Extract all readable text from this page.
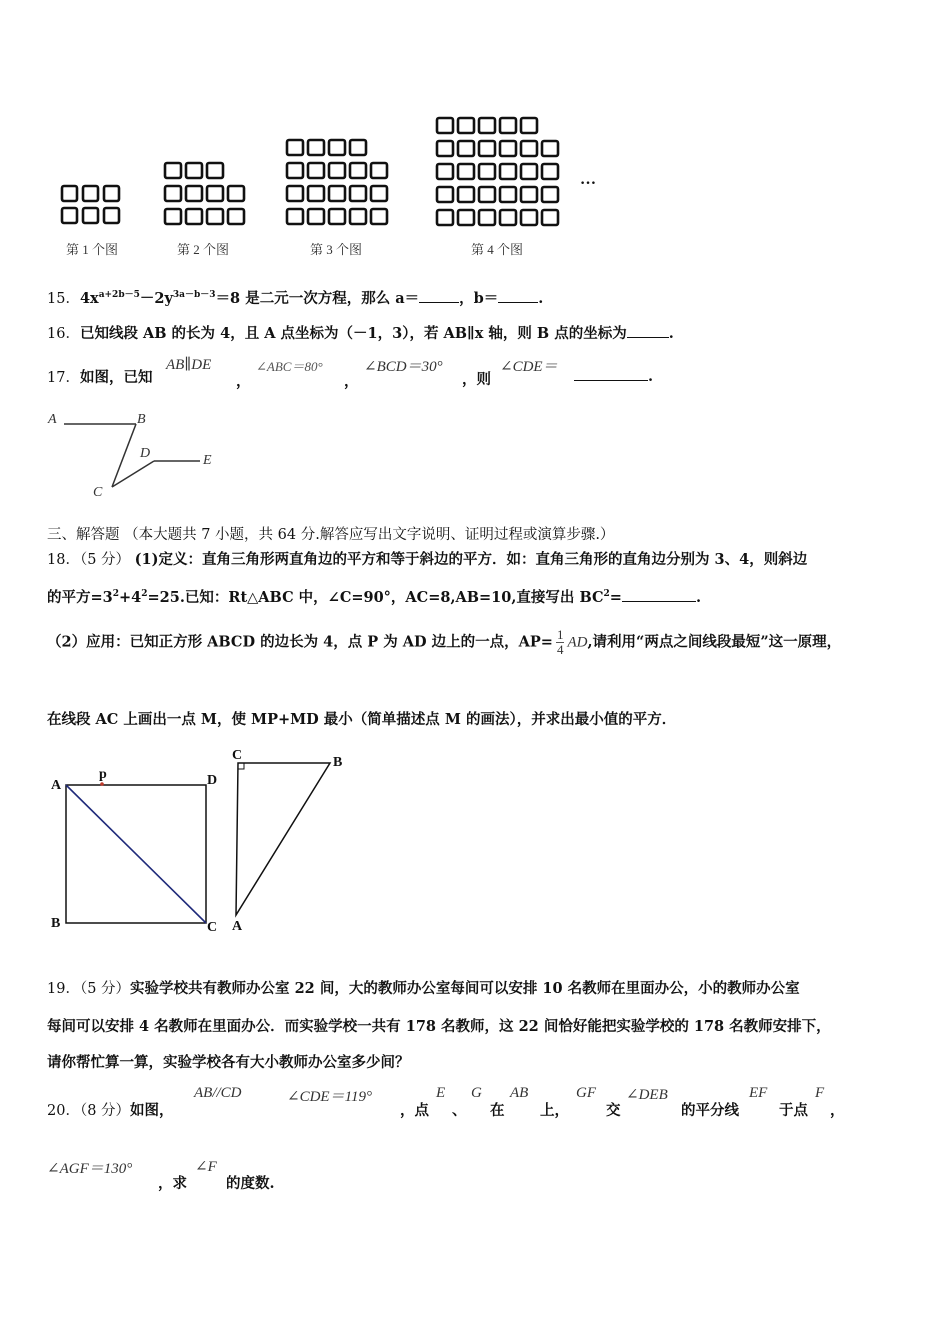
第 1 个图	第 2 个图	第 3 个图	第 4 个图
…
15．$4x^{a+2b-5}-2y^{3a-b-3}=8$ 是二元一次方程，那么 a＝	，b＝	.
16．已知线段 AB 的长为 4，且 A 点坐标为（－1，3），若 AB∥x 轴，则 B 点的坐标为	.
17．如图，已知
AB∥DE
，
∠ABC＝80°
，
∠BCD＝30°
，则
∠CDE＝
.
A	B
D	E
C
三、解答题 （本大题共 7 小题，共 64 分.解答应写出文字说明、证明过程或演算步骤.）
18．（5 分） (1)定义：直角三角形两直角边的平方和等于斜边的平方．如：直角三角形的直角边分别为 3、4，则斜边
的平方$=3^2+4^2=25$.已知：Rt△ABC 中，∠C=90°，AC=8,AB=10,直接写出 $BC^2=$	.
（2）应用：已知正方形 ABCD 的边长为 4，点 P 为 AD 边上的一点，$AP= \frac{1}{4}$ AD,请利用“两点之间线段最短”这一原理，
在线段 AC 上画出一点 M，使 MP+MD 最小（简单描述点 M 的画法），并求出最小值的平方．
A
p	D
B	C
C	B
A
19．（5 分）实验学校共有教师办公室 22 间，大的教师办公室每间可以安排 10 名教师在里面办公，小的教师办公室
每间可以安排 4 名教师在里面办公．而实验学校一共有 178 名教师，这 22 间恰好能把实验学校的 178 名教师安排下，
请你帮忙算一算，实验学校各有大小教师办公室多少间？
20．（8 分）如图，
AB//CD	∠CDE＝119°
，点
E
、
G
在
AB
上，
GF
交
∠DEB
的平分线
EF
于点
F
，
∠AGF＝130°
，求
∠F
的度数.
